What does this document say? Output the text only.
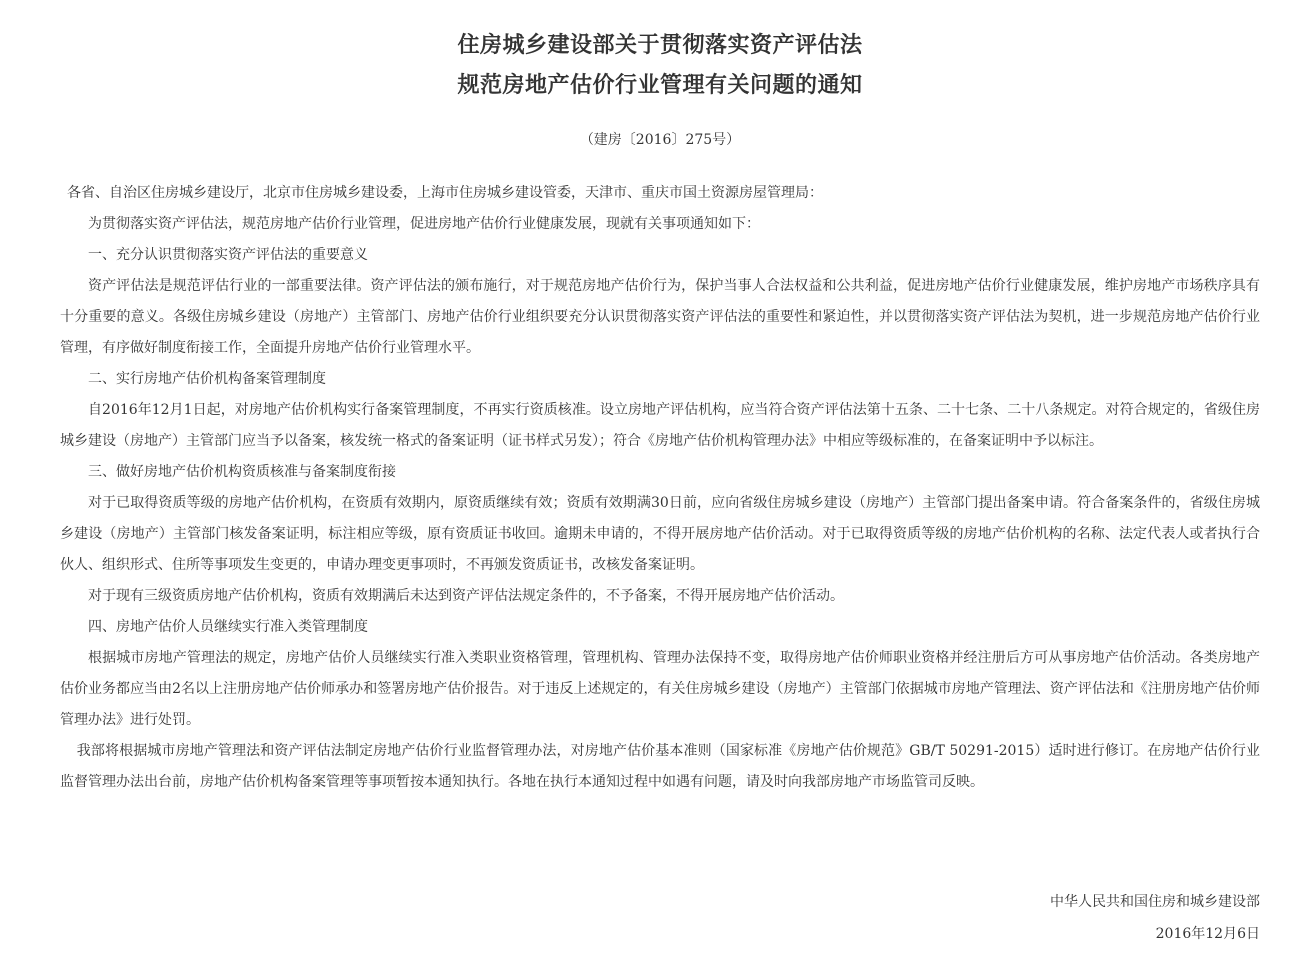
住房城乡建设部关于贯彻落实资产评估法
规范房地产估价行业管理有关问题的通知
（建房〔2016〕275号）

各省、自治区住房城乡建设厅，北京市住房城乡建设委，上海市住房城乡建设管委，天津市、重庆市国土资源房屋管理局：

为贯彻落实资产评估法，规范房地产估价行业管理，促进房地产估价行业健康发展，现就有关事项通知如下：

一、充分认识贯彻落实资产评估法的重要意义

资产评估法是规范评估行业的一部重要法律。资产评估法的颁布施行，对于规范房地产估价行为，保护当事人合法权益和公共利益，促进房地产估价行业健康发展，维护房地产市场秩序具有十分重要的意义。各级住房城乡建设（房地产）主管部门、房地产估价行业组织要充分认识贯彻落实资产评估法的重要性和紧迫性，并以贯彻落实资产评估法为契机，进一步规范房地产估价行业管理，有序做好制度衔接工作，全面提升房地产估价行业管理水平。

二、实行房地产估价机构备案管理制度

自2016年12月1日起，对房地产估价机构实行备案管理制度，不再实行资质核准。设立房地产评估机构，应当符合资产评估法第十五条、二十七条、二十八条规定。对符合规定的，省级住房城乡建设（房地产）主管部门应当予以备案，核发统一格式的备案证明（证书样式另发）；符合《房地产估价机构管理办法》中相应等级标准的，在备案证明中予以标注。

三、做好房地产估价机构资质核准与备案制度衔接

对于已取得资质等级的房地产估价机构，在资质有效期内，原资质继续有效；资质有效期满30日前，应向省级住房城乡建设（房地产）主管部门提出备案申请。符合备案条件的，省级住房城乡建设（房地产）主管部门核发备案证明，标注相应等级，原有资质证书收回。逾期未申请的，不得开展房地产估价活动。对于已取得资质等级的房地产估价机构的名称、法定代表人或者执行合伙人、组织形式、住所等事项发生变更的，申请办理变更事项时，不再颁发资质证书，改核发备案证明。

对于现有三级资质房地产估价机构，资质有效期满后未达到资产评估法规定条件的，不予备案，不得开展房地产估价活动。

四、房地产估价人员继续实行准入类管理制度

根据城市房地产管理法的规定，房地产估价人员继续实行准入类职业资格管理，管理机构、管理办法保持不变，取得房地产估价师职业资格并经注册后方可从事房地产估价活动。各类房地产估价业务都应当由2名以上注册房地产估价师承办和签署房地产估价报告。对于违反上述规定的，有关住房城乡建设（房地产）主管部门依据城市房地产管理法、资产评估法和《注册房地产估价师管理办法》进行处罚。

我部将根据城市房地产管理法和资产评估法制定房地产估价行业监督管理办法，对房地产估价基本准则（国家标准《房地产估价规范》GB/T 50291-2015）适时进行修订。在房地产估价行业监督管理办法出台前，房地产估价机构备案管理等事项暂按本通知执行。各地在执行本通知过程中如遇有问题，请及时向我部房地产市场监管司反映。

中华人民共和国住房和城乡建设部
2016年12月6日
